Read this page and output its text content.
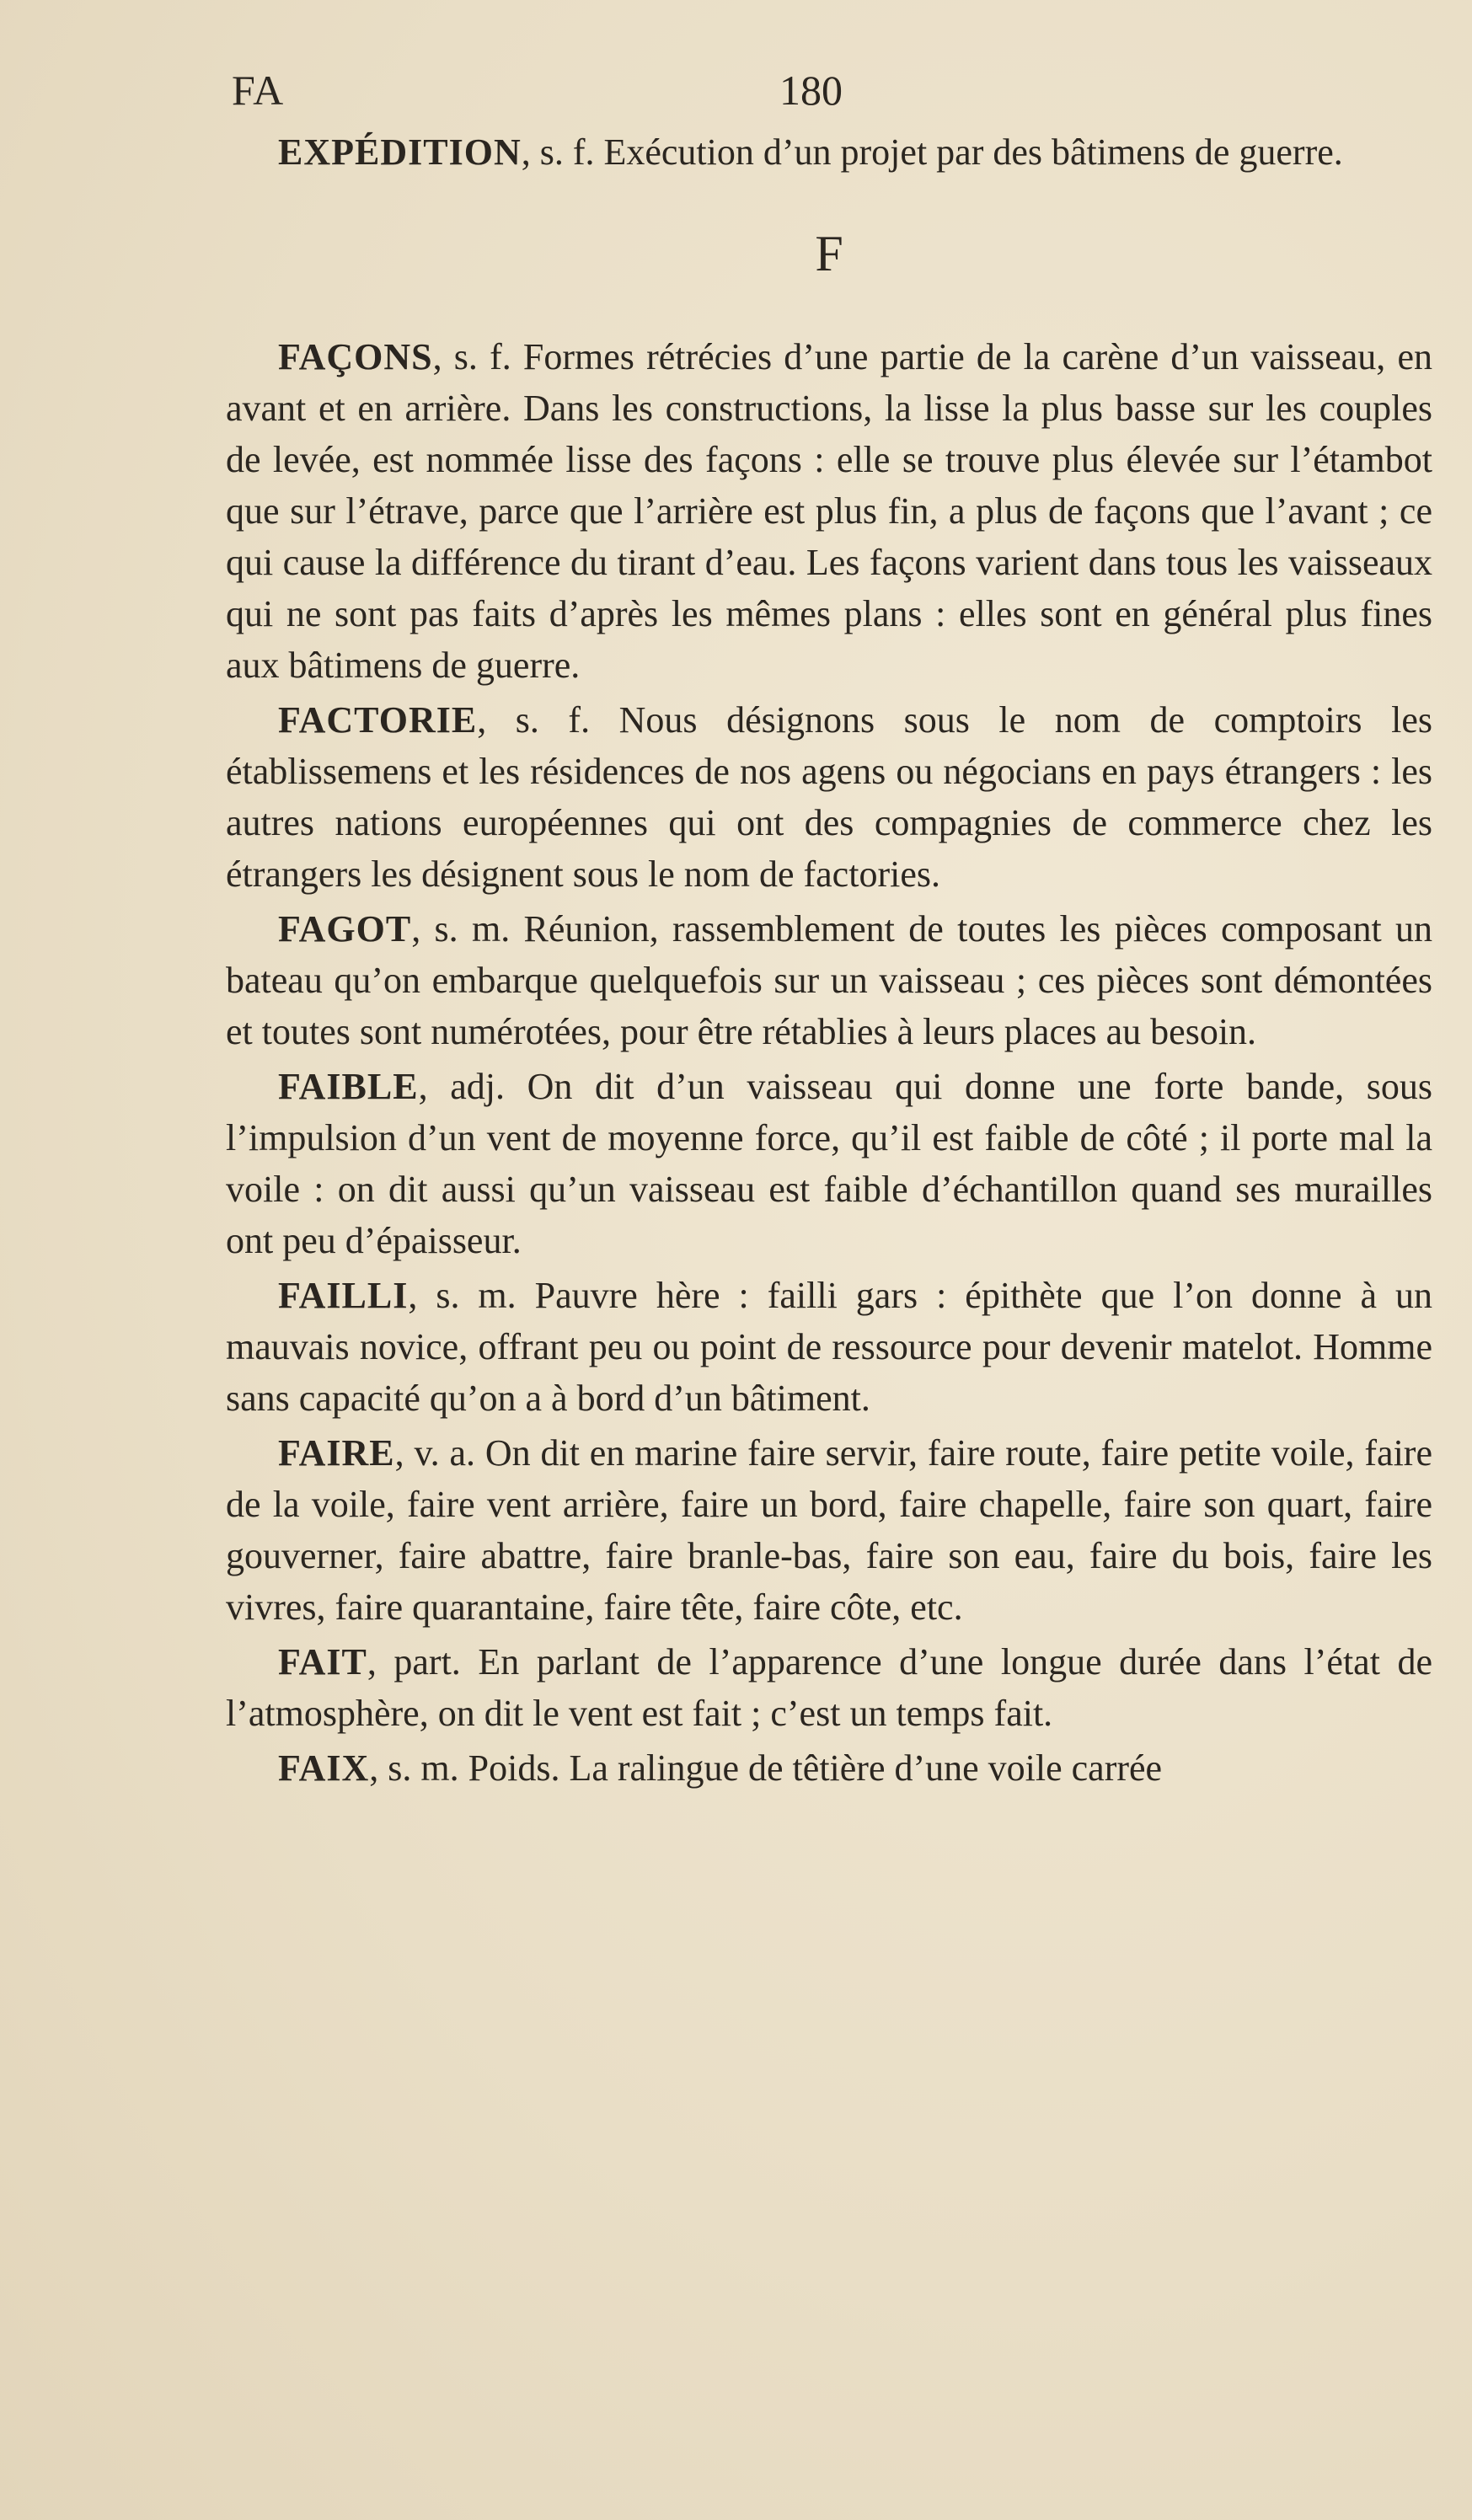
FA	180

EXPÉDITION, s. f. Exécution d’un projet par des bâtimens de guerre.

F

FAÇONS, s. f. Formes rétrécies d’une partie de la carène d’un vaisseau, en avant et en arrière. Dans les constructions, la lisse la plus basse sur les couples de levée, est nommée lisse des façons : elle se trouve plus élevée sur l’étambot que sur l’étrave, parce que l’arrière est plus fin, a plus de façons que l’avant ; ce qui cause la différence du tirant d’eau. Les façons varient dans tous les vaisseaux qui ne sont pas faits d’après les mêmes plans : elles sont en général plus fines aux bâtimens de guerre.

FACTORIE, s. f. Nous désignons sous le nom de comptoirs les établissemens et les résidences de nos agens ou négocians en pays étrangers : les autres nations européennes qui ont des compagnies de commerce chez les étrangers les désignent sous le nom de factories.

FAGOT, s. m. Réunion, rassemblement de toutes les pièces composant un bateau qu’on embarque quelquefois sur un vaisseau ; ces pièces sont démontées et toutes sont numérotées, pour être rétablies à leurs places au besoin.

FAIBLE, adj. On dit d’un vaisseau qui donne une forte bande, sous l’impulsion d’un vent de moyenne force, qu’il est faible de côté ; il porte mal la voile : on dit aussi qu’un vaisseau est faible d’échantillon quand ses murailles ont peu d’épaisseur.

FAILLI, s. m. Pauvre hère : failli gars : épithète que l’on donne à un mauvais novice, offrant peu ou point de ressource pour devenir matelot. Homme sans capacité qu’on a à bord d’un bâtiment.

FAIRE, v. a. On dit en marine faire servir, faire route, faire petite voile, faire de la voile, faire vent arrière, faire un bord, faire chapelle, faire son quart, faire gouverner, faire abattre, faire branle-bas, faire son eau, faire du bois, faire les vivres, faire quarantaine, faire tête, faire côte, etc.

FAIT, part. En parlant de l’apparence d’une longue durée dans l’état de l’atmosphère, on dit le vent est fait ; c’est un temps fait.

FAIX, s. m. Poids. La ralingue de têtière d’une voile carrée
